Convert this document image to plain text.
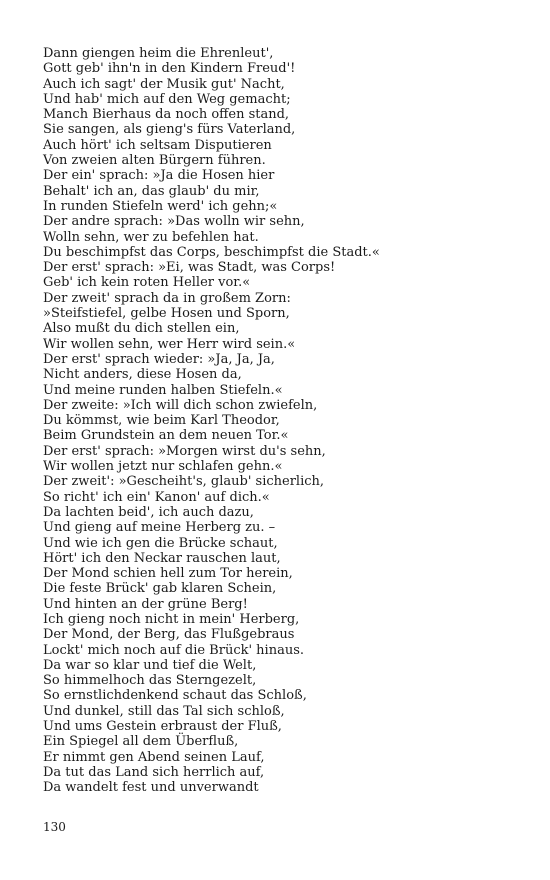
Dann giengen heim die Ehrenleut',
Gott geb' ihn'n in den Kindern Freud'!
Auch ich sagt' der Musik gut' Nacht,
Und hab' mich auf den Weg gemacht;
Manch Bierhaus da noch offen stand,
Sie sangen, als gieng's fürs Vaterland,
Auch hört' ich seltsam Disputieren
Von zweien alten Bürgern führen.
Der ein' sprach: »Ja die Hosen hier
Behalt' ich an, das glaub' du mir,
In runden Stiefeln werd' ich gehn;«
Der andre sprach: »Das wolln wir sehn,
Wolln sehn, wer zu befehlen hat.
Du beschimpfst das Corps, beschimpfst die Stadt.«
Der erst' sprach: »Ei, was Stadt, was Corps!
Geb' ich kein roten Heller vor.«
Der zweit' sprach da in großem Zorn:
»Steifstiefel, gelbe Hosen und Sporn,
Also mußt du dich stellen ein,
Wir wollen sehn, wer Herr wird sein.«
Der erst' sprach wieder: »Ja, Ja, Ja,
Nicht anders, diese Hosen da,
Und meine runden halben Stiefeln.«
Der zweite: »Ich will dich schon zwiefeln,
Du kömmst, wie beim Karl Theodor,
Beim Grundstein an dem neuen Tor.«
Der erst' sprach: »Morgen wirst du's sehn,
Wir wollen jetzt nur schlafen gehn.«
Der zweit': »Gescheiht's, glaub' sicherlich,
So richt' ich ein' Kanon' auf dich.«
Da lachten beid', ich auch dazu,
Und gieng auf meine Herberg zu. –
Und wie ich gen die Brücke schaut,
Hört' ich den Neckar rauschen laut,
Der Mond schien hell zum Tor herein,
Die feste Brück' gab klaren Schein,
Und hinten an der grüne Berg!
Ich gieng noch nicht in mein' Herberg,
Der Mond, der Berg, das Flußgebraus
Lockt' mich noch auf die Brück' hinaus.
Da war so klar und tief die Welt,
So himmelhoch das Sterngezelt,
So ernstlichdenkend schaut das Schloß,
Und dunkel, still das Tal sich schloß,
Und ums Gestein erbraust der Fluß,
Ein Spiegel all dem Überfluß,
Er nimmt gen Abend seinen Lauf,
Da tut das Land sich herrlich auf,
Da wandelt fest und unverwandt
130
